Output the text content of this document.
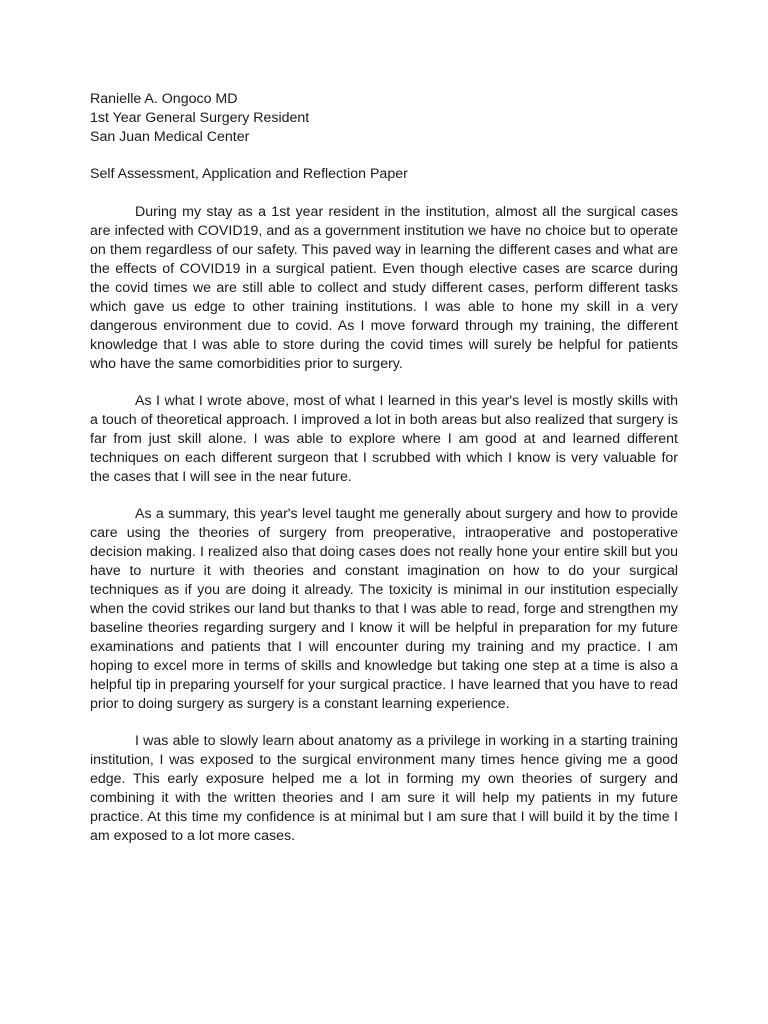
Ranielle A. Ongoco MD

1st Year General Surgery Resident

San Juan Medical Center

Self Assessment, Application and Reflection Paper

During my stay as a 1st year resident in the institution, almost all the surgical cases are infected with COVID19, and as a government institution we have no choice but to operate on them regardless of our safety. This paved way in learning the different cases and what are the effects of COVID19 in a surgical patient. Even though elective cases are scarce during the covid times we are still able to collect and study different cases, perform different tasks which gave us edge to other training institutions. I was able to hone my skill in a very dangerous environment due to covid. As I move forward through my training, the different knowledge that I was able to store during the covid times will surely be helpful for patients who have the same comorbidities prior to surgery.

As I what I wrote above, most of what I learned in this year's level is mostly skills with a touch of theoretical approach. I improved a lot in both areas but also realized that surgery is far from just skill alone. I was able to explore where I am good at and learned different techniques on each different surgeon that I scrubbed with which I know is very valuable for the cases that I will see in the near future.

As a summary, this year's level taught me generally about surgery and how to provide care using the theories of surgery from preoperative, intraoperative and postoperative decision making. I realized also that doing cases does not really hone your entire skill but you have to nurture it with theories and constant imagination on how to do your surgical techniques as if you are doing it already. The toxicity is minimal in our institution especially when the covid strikes our land but thanks to that I was able to read, forge and strengthen my baseline theories regarding surgery and I know it will be helpful in preparation for my future examinations and patients that I will encounter during my training and my practice. I am hoping to excel more in terms of skills and knowledge but taking one step at a time is also a helpful tip in preparing yourself for your surgical practice. I have learned that you have to read prior to doing surgery as surgery is a constant learning experience.

I was able to slowly learn about anatomy as a privilege in working in a starting training institution, I was exposed to the surgical environment many times hence giving me a good edge. This early exposure helped me a lot in forming my own theories of surgery and combining it with the written theories and I am sure it will help my patients in my future practice. At this time my confidence is at minimal but I am sure that I will build it by the time I am exposed to a lot more cases.
